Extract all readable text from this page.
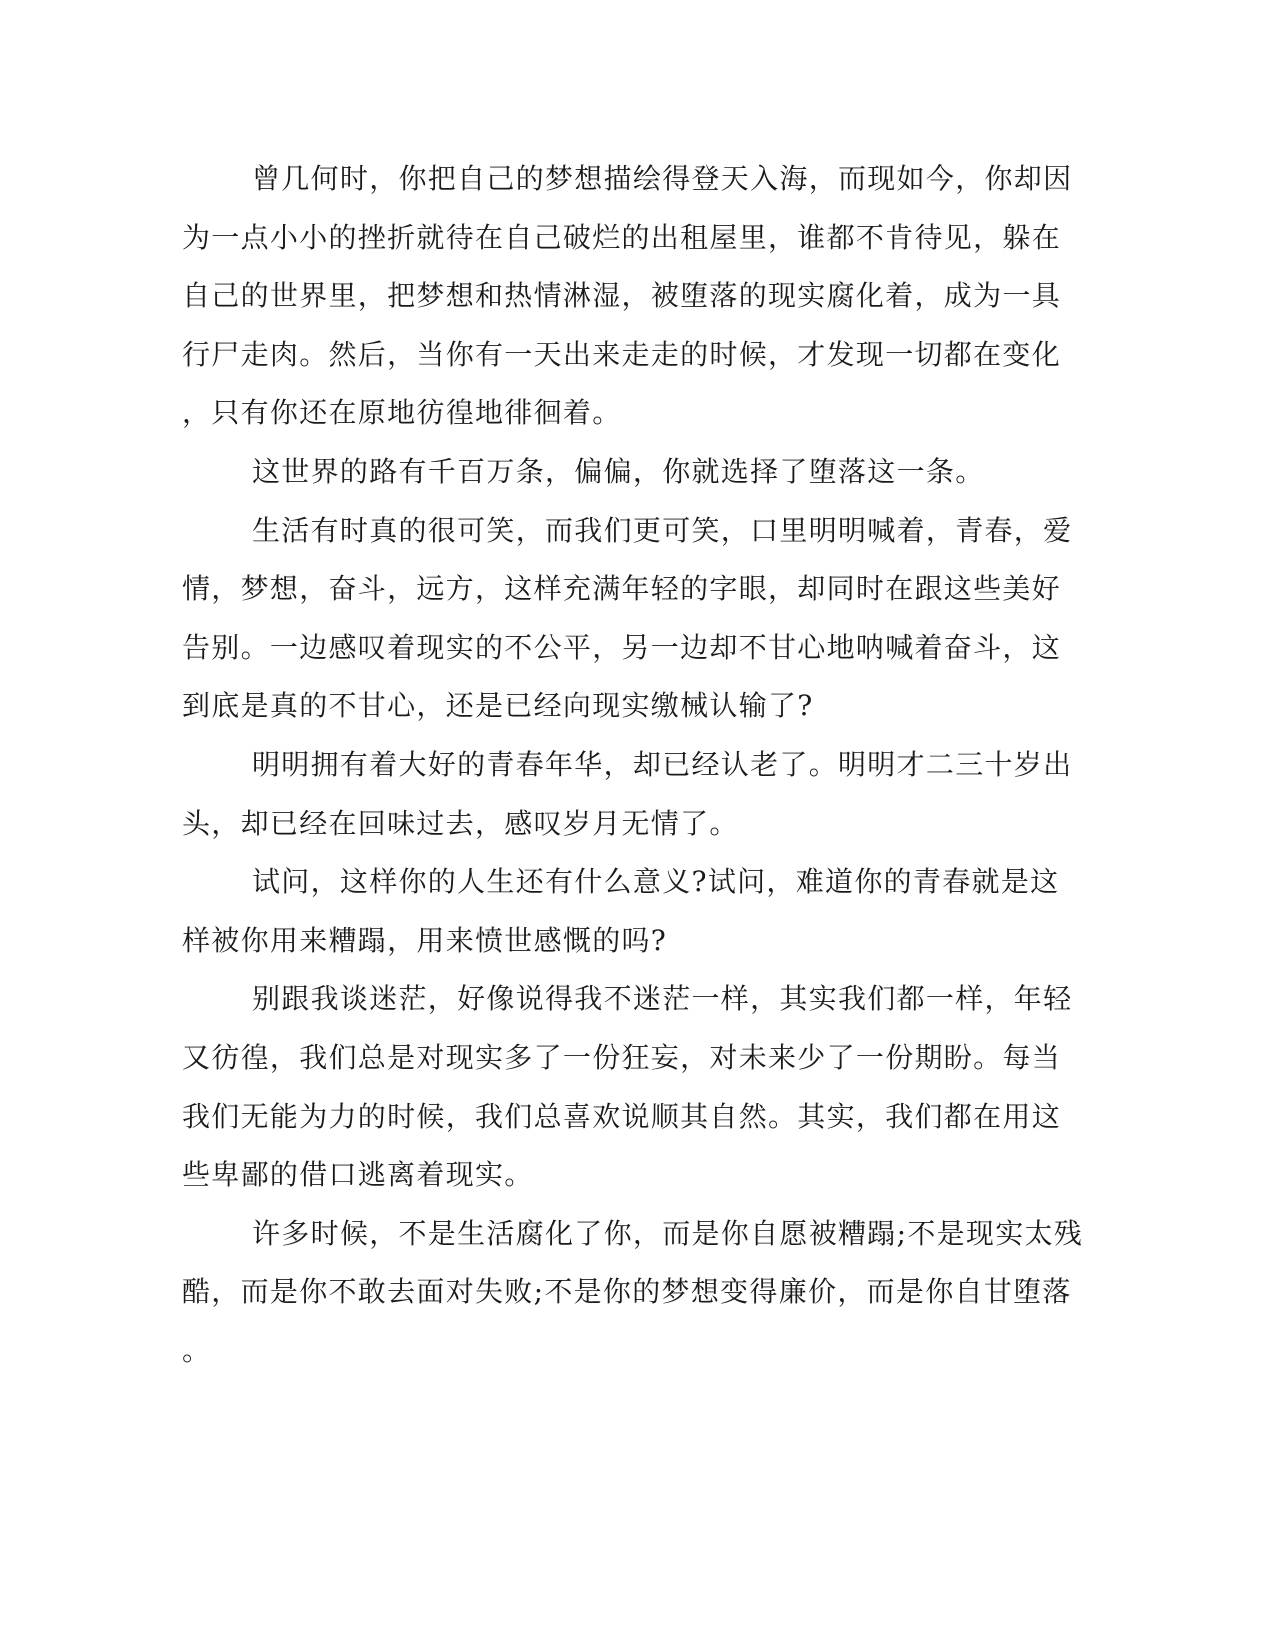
曾几何时，你把自己的梦想描绘得登天入海，而现如今，你却因
为一点小小的挫折就待在自己破烂的出租屋里，谁都不肯待见，躲在
自己的世界里，把梦想和热情淋湿，被堕落的现实腐化着，成为一具
行尸走肉。然后，当你有一天出来走走的时候，才发现一切都在变化
，只有你还在原地彷徨地徘徊着。
这世界的路有千百万条，偏偏，你就选择了堕落这一条。
生活有时真的很可笑，而我们更可笑，口里明明喊着，青春，爱
情，梦想，奋斗，远方，这样充满年轻的字眼，却同时在跟这些美好
告别。一边感叹着现实的不公平，另一边却不甘心地呐喊着奋斗，这
到底是真的不甘心，还是已经向现实缴械认输了?
明明拥有着大好的青春年华，却已经认老了。明明才二三十岁出
头，却已经在回味过去，感叹岁月无情了。
试问，这样你的人生还有什么意义?试问，难道你的青春就是这
样被你用来糟蹋，用来愤世感慨的吗?
别跟我谈迷茫，好像说得我不迷茫一样，其实我们都一样，年轻
又彷徨，我们总是对现实多了一份狂妄，对未来少了一份期盼。每当
我们无能为力的时候，我们总喜欢说顺其自然。其实，我们都在用这
些卑鄙的借口逃离着现实。
许多时候，不是生活腐化了你，而是你自愿被糟蹋;不是现实太残
酷，而是你不敢去面对失败;不是你的梦想变得廉价，而是你自甘堕落
。
